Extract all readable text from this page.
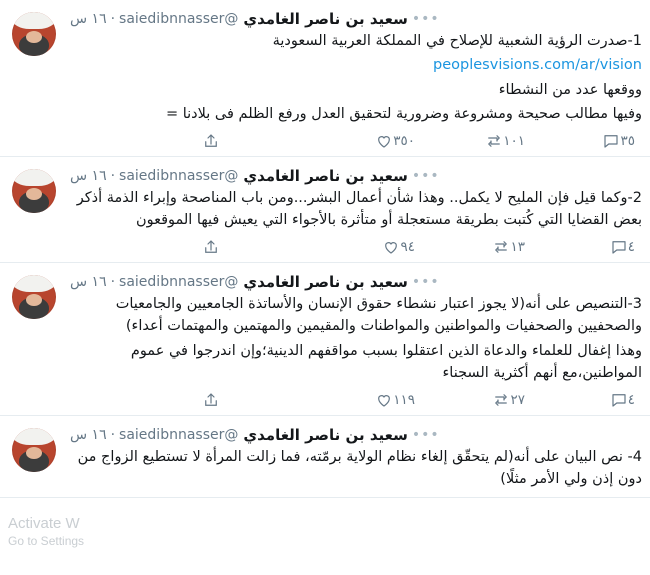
•••
سعيد بن ناصر الغامدي
@saiedibnnasser
·
١٦ س

1-صدرت الرؤية الشعبية للإصلاح في المملكة العربية السعودية

peoplesvisions.com/ar/vision

ووقعها عدد من النشطاء

وفيها مطالب صحيحة ومشروعة وضرورية لتحقيق العدل ورفع الظلم فى بلادنا =

٣٥
١٠١
٣٥٠
•••
سعيد بن ناصر الغامدي
@saiedibnnasser
·
١٦ س

2-وكما قيل فإن المليح لا يكمل.. وهذا شأن أعمال البشر...ومن باب المناصحة وإبراء الذمة أذكر بعض القضايا التي كُتبت بطريقة مستعجلة أو متأثرة بالأجواء التي يعيش فيها الموقعون

٤
١٣
٩٤
•••
سعيد بن ناصر الغامدي
@saiedibnnasser
·
١٦ س

3-التنصيص على أنه(لا يجوز اعتبار نشطاء حقوق الإنسان والأساتذة الجامعيين والجامعيات والصحفيين والصحفيات والمواطنين والمواطنات والمقيمين والمهتمين والمهتمات أعداء)

وهذا إغفال للعلماء والدعاة الذين اعتقلوا بسبب مواقفهم الدينية؛وإن اندرجوا في عموم المواطنين،مع أنهم أكثرية السجناء

٤
٢٧
١١٩
•••
سعيد بن ناصر الغامدي
@saiedibnnasser
·
١٦ س

4- نص البيان على أنه(لم يتحقّق إلغاء نظام الولاية برمّته، فما زالت المرأة لا تستطيع الزواج من دون إذن ولي الأمر مثلًا)

Activate W
Go to Settings
